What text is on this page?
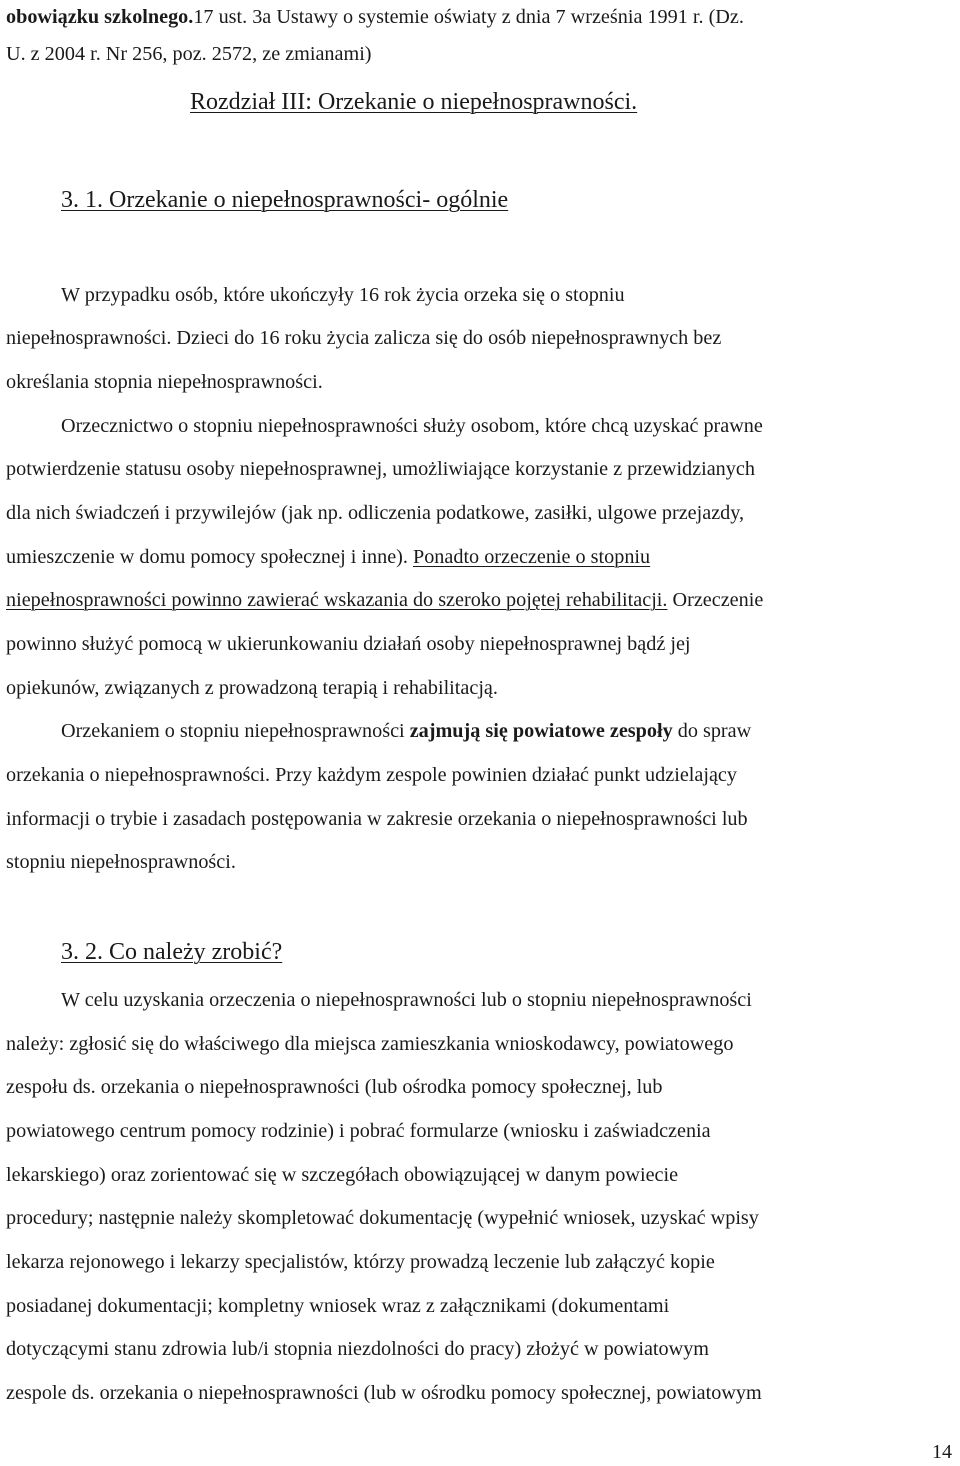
obowiązku szkolnego.17 ust. 3a Ustawy o systemie oświaty z dnia 7 września 1991 r. (Dz.
U. z 2004 r. Nr 256, poz. 2572, ze zmianami)
Rozdział III: Orzekanie o niepełnosprawności.
3. 1. Orzekanie o niepełnosprawności- ogólnie
W przypadku osób, które ukończyły 16 rok życia orzeka się o stopniu
niepełnosprawności. Dzieci do 16 roku życia zalicza się do osób niepełnosprawnych bez
określania stopnia niepełnosprawności.
Orzecznictwo o stopniu niepełnosprawności służy osobom, które chcą uzyskać prawne
potwierdzenie statusu osoby niepełnosprawnej, umożliwiające korzystanie z przewidzianych
dla nich świadczeń i przywilejów (jak np. odliczenia podatkowe, zasiłki, ulgowe przejazdy,
umieszczenie w domu pomocy społecznej i inne). Ponadto orzeczenie o stopniu
niepełnosprawności powinno zawierać wskazania do szeroko pojętej rehabilitacji. Orzeczenie
powinno służyć pomocą w ukierunkowaniu działań osoby niepełnosprawnej bądź jej
opiekunów, związanych z prowadzoną terapią i rehabilitacją.
Orzekaniem o stopniu niepełnosprawności zajmują się powiatowe zespoły do spraw
orzekania o niepełnosprawności. Przy każdym zespole powinien działać punkt udzielający
informacji o trybie i zasadach postępowania w zakresie orzekania o niepełnosprawności lub
stopniu niepełnosprawności.
3. 2. Co należy zrobić?
W celu uzyskania orzeczenia o niepełnosprawności lub o stopniu niepełnosprawności
należy: zgłosić się do właściwego dla miejsca zamieszkania wnioskodawcy, powiatowego
zespołu ds. orzekania o niepełnosprawności (lub ośrodka pomocy społecznej, lub
powiatowego centrum pomocy rodzinie) i pobrać formularze (wniosku i zaświadczenia
lekarskiego) oraz zorientować się w szczegółach obowiązującej w danym powiecie
procedury; następnie należy skompletować dokumentację (wypełnić wniosek, uzyskać wpisy
lekarza rejonowego i lekarzy specjalistów, którzy prowadzą leczenie lub załączyć kopie
posiadanej dokumentacji; kompletny wniosek wraz z załącznikami (dokumentami
dotyczącymi stanu zdrowia lub/i stopnia niezdolności do pracy) złożyć w powiatowym
zespole ds. orzekania o niepełnosprawności (lub w ośrodku pomocy społecznej, powiatowym
14
